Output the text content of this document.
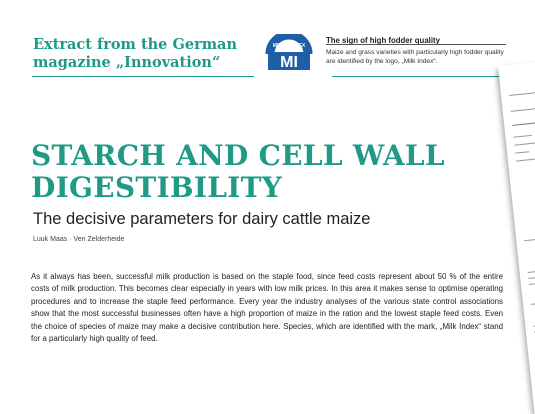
Extract from the German
magazine „Innovation“
MILCH INDEX
MI

The sign of high fodder quality

Maize and grass varieties with particularly high fodder quality are identified by the logo, „Milk Index“.

STARCH AND CELL WALL
DIGESTIBILITY

The decisive parameters for dairy cattle maize

Luuk Maas · Ven Zelderheide

As it always has been, successful milk production is based on the staple food, since feed costs represent about 50 % of the entire costs of milk production. This becomes clear especially in years with low milk prices. In this area it makes sense to optimise operating procedures and to increase the staple feed performance. Every year the industry analyses of the various state control associations show that the most successful businesses often have a high proportion of maize in the ration and the lowest staple feed costs. Even the choice of species of maize may make a decisive contribution here. Species, which are identified with the mark, „Milk Index“ stand for a particularly high quality of feed.
